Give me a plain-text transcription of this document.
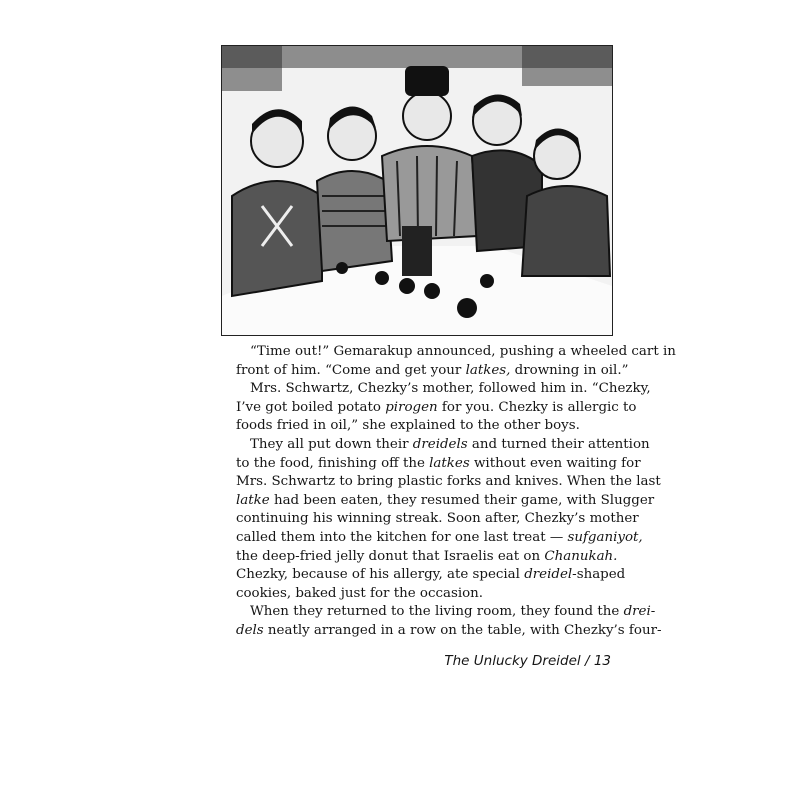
“Time out!” Gemarakup announced, pushing a wheeled cart in
front of him. “Come and get your latkes, drowning in oil.”

Mrs. Schwartz, Chezky’s mother, followed him in. “Chezky,
I’ve got boiled potato pirogen for you. Chezky is allergic to
foods fried in oil,” she explained to the other boys.

They all put down their dreidels and turned their attention
to the food, finishing off the latkes without even waiting for
Mrs. Schwartz to bring plastic forks and knives. When the last
latke had been eaten, they resumed their game, with Slugger
continuing his winning streak. Soon after, Chezky’s mother
called them into the kitchen for one last treat — sufganiyot,
the deep-fried jelly donut that Israelis eat on Chanukah.
Chezky, because of his allergy, ate special dreidel-shaped
cookies, baked just for the occasion.

When they returned to the living room, they found the drei-
dels neatly arranged in a row on the table, with Chezky’s four-

The Unlucky Dreidel / 13
